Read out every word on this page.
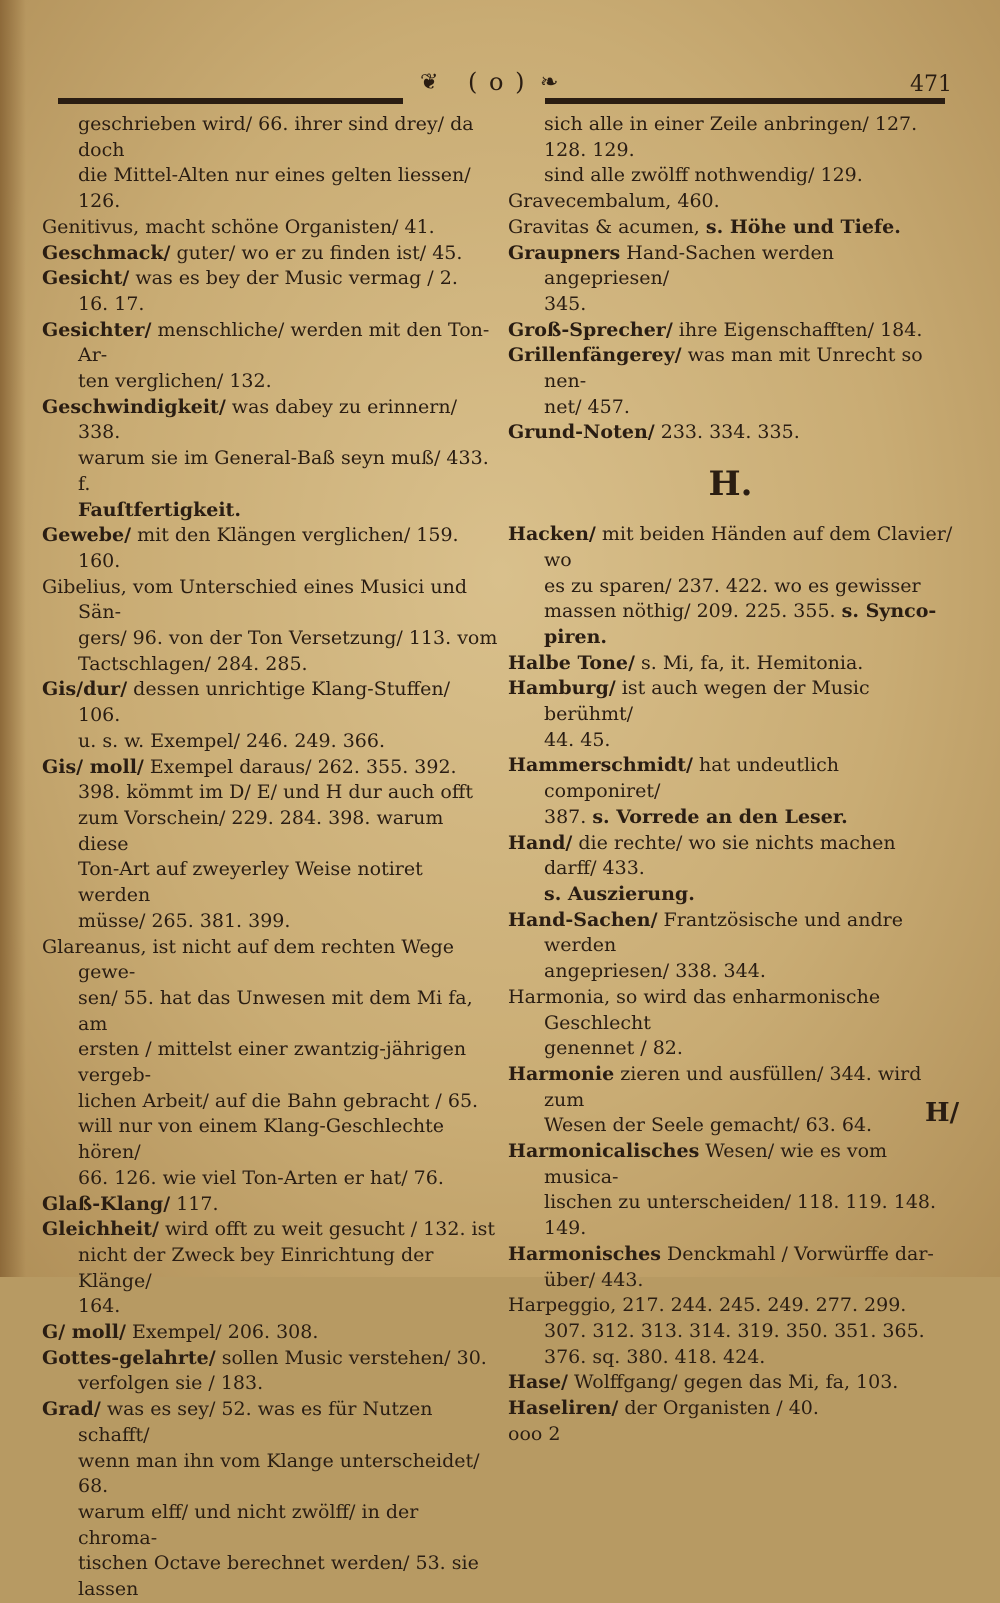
❦ ( o ) ❧	471

geschrieben wird/ 66. ihrer sind drey/ da doch

die Mittel-Alten nur eines gelten liessen/ 126.

Genitivus, macht schöne Organisten/ 41.

Geschmack/ guter/ wo er zu finden ist/ 45.

Gesicht/ was es bey der Music vermag / 2.

16. 17.

Gesichter/ menschliche/ werden mit den Ton-Ar-

ten verglichen/ 132.

Geschwindigkeit/ was dabey zu erinnern/ 338.

warum sie im General-Baß seyn muß/ 433. f.

Fauſtfertigkeit.

Gewebe/ mit den Klängen verglichen/ 159. 160.

Gibelius, vom Unterschied eines Musici und Sän-

gers/ 96. von der Ton Versetzung/ 113. vom

Tactschlagen/ 284. 285.

Gis/dur/ dessen unrichtige Klang-Stuffen/ 106.

u. s. w. Exempel/ 246. 249. 366.

Gis/ moll/ Exempel daraus/ 262. 355. 392.

398. kömmt im D/ E/ und H dur auch offt

zum Vorschein/ 229. 284. 398. warum diese

Ton-Art auf zweyerley Weise notiret werden

müsse/ 265. 381. 399.

Glareanus, ist nicht auf dem rechten Wege gewe-

sen/ 55. hat das Unwesen mit dem Mi fa, am

ersten / mittelst einer zwantzig-jährigen vergeb-

lichen Arbeit/ auf die Bahn gebracht / 65.

will nur von einem Klang-Geschlechte hören/

66. 126. wie viel Ton-Arten er hat/ 76.

Glaß-Klang/ 117.

Gleichheit/ wird offt zu weit gesucht / 132. ist

nicht der Zweck bey Einrichtung der Klänge/

164.

G/ moll/ Exempel/ 206. 308.

Gottes-gelahrte/ sollen Music verstehen/ 30.

verfolgen sie / 183.

Grad/ was es sey/ 52. was es für Nutzen schafft/

wenn man ihn vom Klange unterscheidet/ 68.

warum elff/ und nicht zwölff/ in der chroma-

tischen Octave berechnet werden/ 53. sie lassen

sich alle in einer Zeile anbringen/ 127. 128. 129.

sind alle zwölff nothwendig/ 129.

Gravecembalum, 460.

Gravitas & acumen, s. Höhe und Tiefe.

Graupners Hand-Sachen werden angepriesen/

345.

Groß-Sprecher/ ihre Eigenschafften/ 184.

Grillenfängerey/ was man mit Unrecht so nen-

net/ 457.

Grund-Noten/ 233. 334. 335.

H.

Hacken/ mit beiden Händen auf dem Clavier/ wo

es zu sparen/ 237. 422. wo es gewisser

massen nöthig/ 209. 225. 355. s. Synco-

piren.

Halbe Tone/ s. Mi, fa, it. Hemitonia.

Hamburg/ ist auch wegen der Music berühmt/

44. 45.

Hammerschmidt/ hat undeutlich componiret/

387. s. Vorrede an den Leser.

Hand/ die rechte/ wo sie nichts machen darff/ 433.

s. Auszierung.

Hand-Sachen/ Frantzösische und andre werden

angepriesen/ 338. 344.

Harmonia, so wird das enharmonische Geschlecht

genennet / 82.

Harmonie zieren und ausfüllen/ 344. wird zum

Wesen der Seele gemacht/ 63. 64.

Harmonicalisches Wesen/ wie es vom musica-

lischen zu unterscheiden/ 118. 119. 148. 149.

Harmonisches Denckmahl / Vorwürffe dar-

über/ 443.

Harpeggio, 217. 244. 245. 249. 277. 299.

307. 312. 313. 314. 319. 350. 351. 365.

376. sq. 380. 418. 424.

Hase/ Wolffgang/ gegen das Mi, fa, 103.

Haseliren/ der Organisten / 40.

ooo 2

H/
